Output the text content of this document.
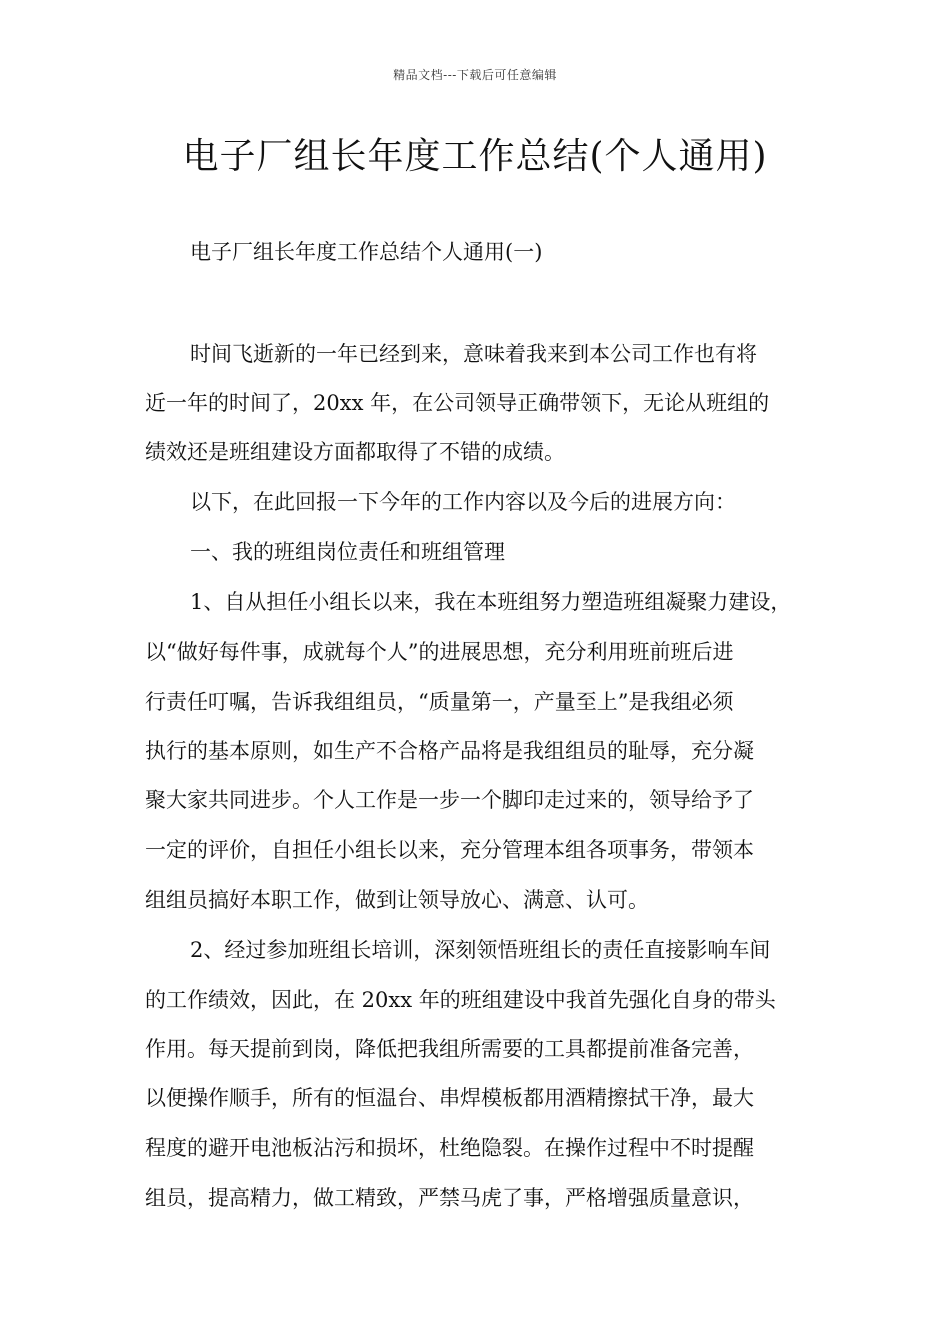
精品文档---下载后可任意编辑
电子厂组长年度工作总结(个人通用)

电子厂组长年度工作总结个人通用(一)

时间飞逝新的一年已经到来，意味着我来到本公司工作也有将

近一年的时间了，20xx 年，在公司领导正确带领下，无论从班组的

绩效还是班组建设方面都取得了不错的成绩。

以下，在此回报一下今年的工作内容以及今后的进展方向：

一、我的班组岗位责任和班组管理

1、自从担任小组长以来，我在本班组努力塑造班组凝聚力建设，

以“做好每件事，成就每个人”的进展思想，充分利用班前班后进

行责任叮嘱，告诉我组组员，“质量第一，产量至上”是我组必须

执行的基本原则，如生产不合格产品将是我组组员的耻辱，充分凝

聚大家共同进步。个人工作是一步一个脚印走过来的，领导给予了

一定的评价，自担任小组长以来，充分管理本组各项事务，带领本

组组员搞好本职工作，做到让领导放心、满意、认可。

2、经过参加班组长培训，深刻领悟班组长的责任直接影响车间

的工作绩效，因此，在 20xx 年的班组建设中我首先强化自身的带头

作用。每天提前到岗，降低把我组所需要的工具都提前准备完善，

以便操作顺手，所有的恒温台、串焊模板都用酒精擦拭干净，最大

程度的避开电池板沾污和损坏，杜绝隐裂。在操作过程中不时提醒

组员，提高精力，做工精致，严禁马虎了事，严格增强质量意识，
